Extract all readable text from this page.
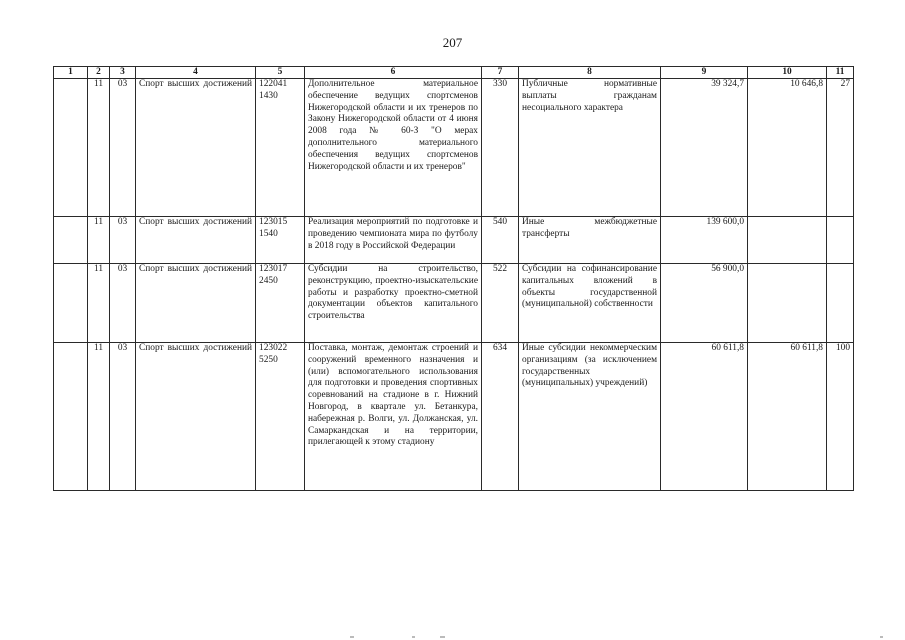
207
1	2	3	4	5	6	7	8	9	10	11
	11	03	Спорт высших достижений	122041 1430	Дополнительное материальное обеспечение ведущих спортсменов Нижегородской области и их тренеров по Закону Нижегородской области от 4 июня 2008 года № 60-З "О мерах дополнительного материального обеспечения ведущих спортсменов Нижегородской области и их тренеров"	330	Публичные нормативные выплаты гражданам несоциального характера	39 324,7	10 646,8	27
	11	03	Спорт высших достижений	123015 1540	Реализация мероприятий по подготовке и проведению чемпионата мира по футболу в 2018 году в Российской Федерации	540	Иные межбюджетные трансферты	139 600,0		
	11	03	Спорт высших достижений	123017 2450	Субсидии на строительство, реконструкцию, проектно-изыскательские работы и разработку проектно-сметной документации объектов капитального строительства	522	Субсидии на софинансирование капитальных вложений в объекты государственной (муниципальной) собственности	56 900,0		
	11	03	Спорт высших достижений	123022 5250	Поставка, монтаж, демонтаж строений и сооружений временного назначения и (или) вспомогательного использования для подготовки и проведения спортивных соревнований на стадионе в г. Нижний Новгород, в квартале ул. Бетанкура, набережная р. Волги, ул. Должанская, ул. Самаркандская и на территории, прилегающей к этому стадиону	634	Иные субсидии некоммерческим организациям (за исключением государственных (муниципальных) учреждений)	60 611,8	60 611,8	100
